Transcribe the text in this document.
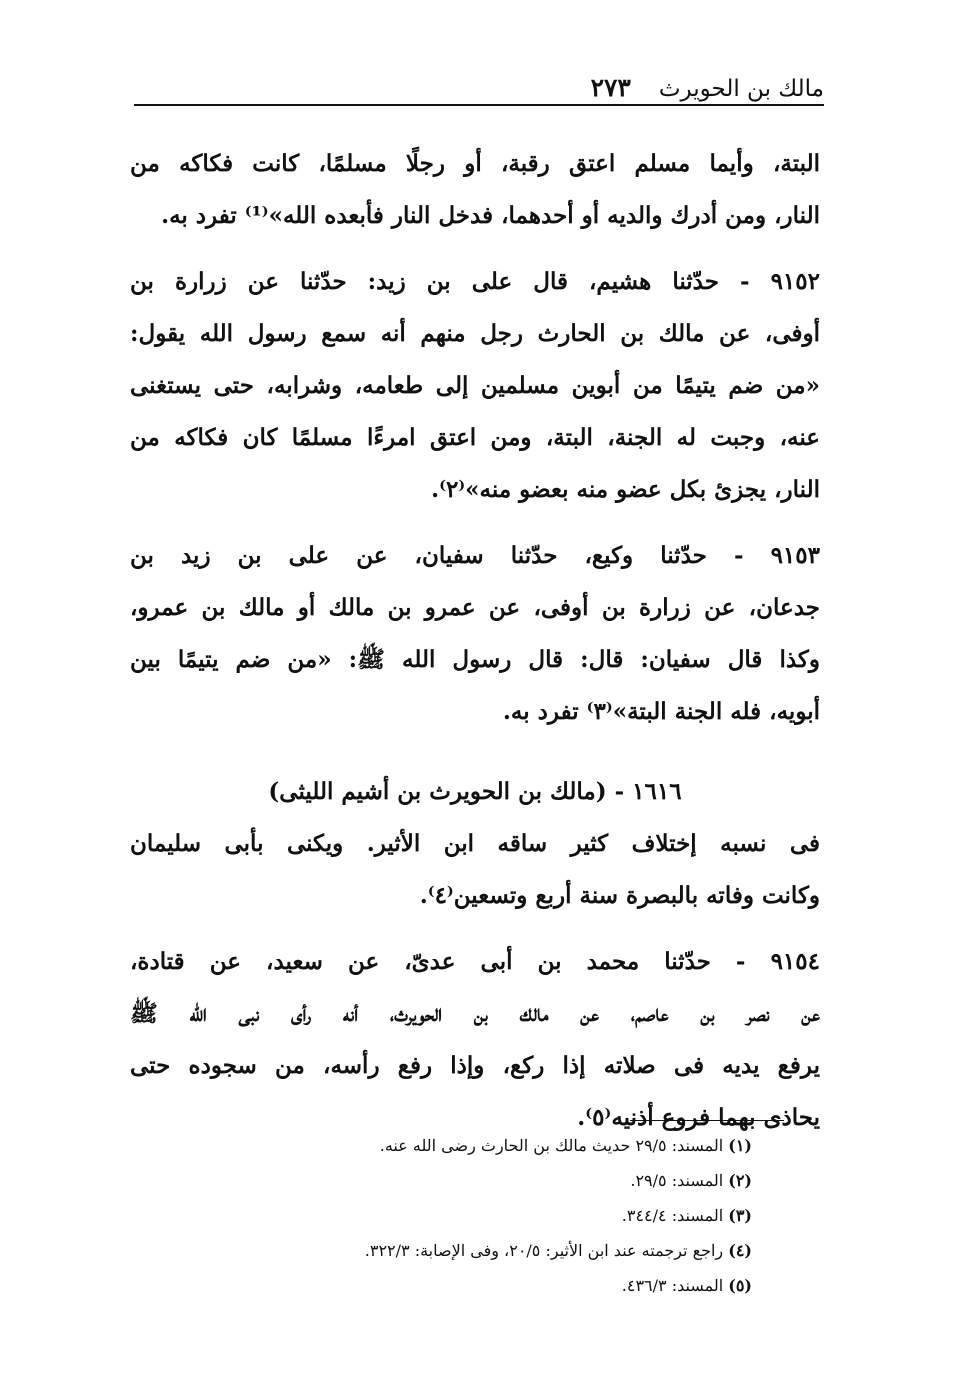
مالك بن الحويرث
٢٧٣
البتة، وأيما مسلم اعتق رقبة، أو رجلًا مسلمًا، كانت فكاكه من
النار، ومن أدرك والديه أو أحدهما، فدخل النار فأبعده الله»⁽¹⁾ تفرد به.
٩١٥٢ - حدّثنا هشيم، قال على بن زيد: حدّثنا عن زرارة بن
أوفى، عن مالك بن الحارث رجل منهم أنه سمع رسول الله يقول:
«من ضم يتيمًا من أبوين مسلمين إلى طعامه، وشرابه، حتى يستغنى
عنه، وجبت له الجنة، البتة، ومن اعتق امرءًا مسلمًا كان فكاكه من
النار، يجزئ بكل عضو منه بعضو منه»⁽٢⁾.
٩١٥٣ - حدّثنا وكيع، حدّثنا سفيان، عن على بن زيد بن
جدعان، عن زرارة بن أوفى، عن عمرو بن مالك أو مالك بن عمرو،
وكذا قال سفيان: قال: قال رسول الله ﷺ: «من ضم يتيمًا بين
أبويه، فله الجنة البتة»⁽٣⁾ تفرد به.
١٦١٦ - (مالك بن الحويرث بن أشيم الليثى)
فى نسبه إختلاف كثير ساقه ابن الأثير. ويكنى بأبى سليمان
وكانت وفاته بالبصرة سنة أربع وتسعين⁽٤⁾.
٩١٥٤ - حدّثنا محمد بن أبى عدىّ، عن سعيد، عن قتادة،
عن نصر بن عاصم، عن مالك بن الحويرث، أنه رأى نبى الله ﷺ
يرفع يديه فى صلاته إذا ركع، وإذا رفع رأسه، من سجوده حتى
يحاذى بهما فروع أذنيه⁽٥⁾.
(١) المسند: ٢٩/٥ حديث مالك بن الحارث رضى الله عنه.
(٢) المسند: ٢٩/٥.
(٣) المسند: ٣٤٤/٤.
(٤) راجع ترجمته عند ابن الأثير: ٢٠/٥، وفى الإصابة: ٣٢٢/٣.
(٥) المسند: ٤٣٦/٣.
